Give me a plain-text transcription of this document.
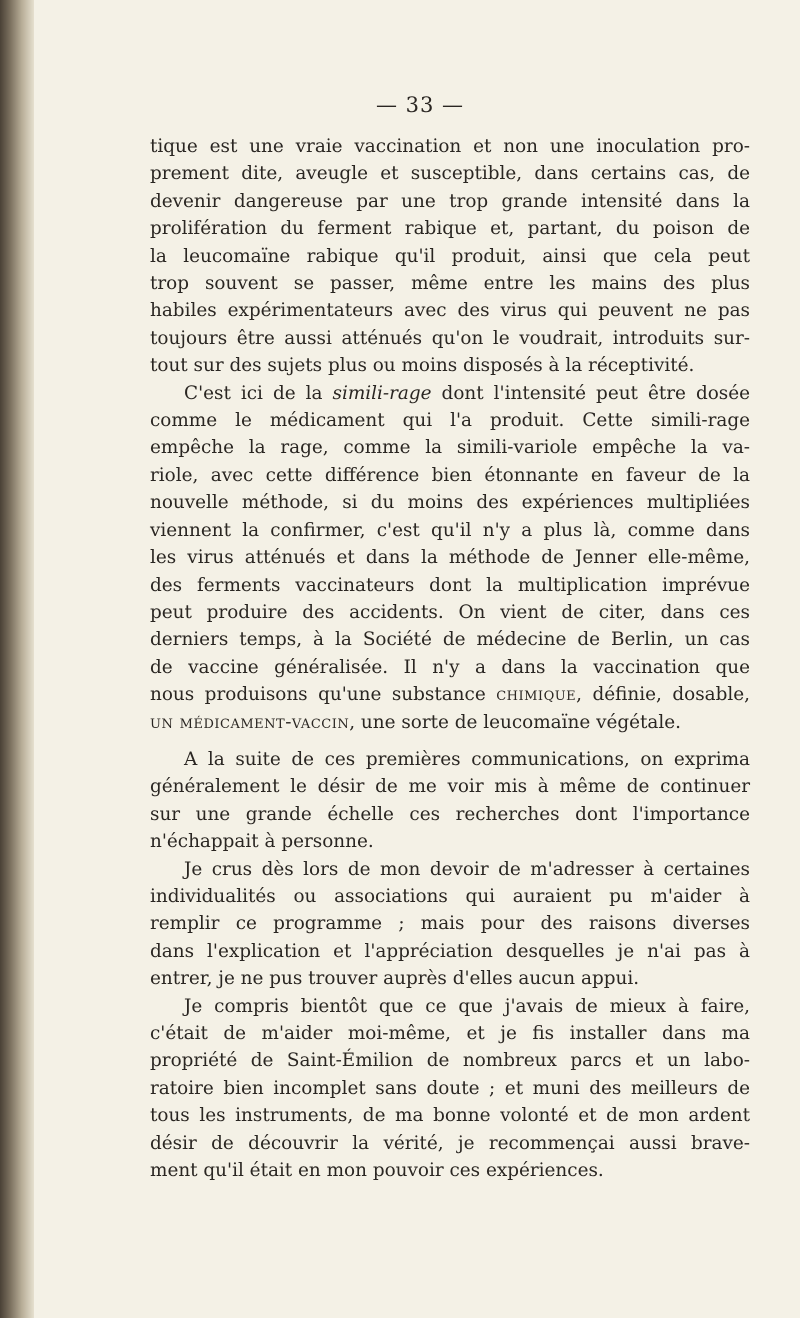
— 33 —

tique est une vraie vaccination et non une inoculation pro-
prement dite, aveugle et susceptible, dans certains cas, de
devenir dangereuse par une trop grande intensité dans la
prolifération du ferment rabique et, partant, du poison de
la leucomaïne rabique qu'il produit, ainsi que cela peut
trop souvent se passer, même entre les mains des plus
habiles expérimentateurs avec des virus qui peuvent ne pas
toujours être aussi atténués qu'on le voudrait, introduits sur-
tout sur des sujets plus ou moins disposés à la réceptivité.

C'est ici de la simili-rage dont l'intensité peut être dosée
comme le médicament qui l'a produit. Cette simili-rage
empêche la rage, comme la simili-variole empêche la va-
riole, avec cette différence bien étonnante en faveur de la
nouvelle méthode, si du moins des expériences multipliées
viennent la confirmer, c'est qu'il n'y a plus là, comme dans
les virus atténués et dans la méthode de Jenner elle-même,
des ferments vaccinateurs dont la multiplication imprévue
peut produire des accidents. On vient de citer, dans ces
derniers temps, à la Société de médecine de Berlin, un cas
de vaccine généralisée. Il n'y a dans la vaccination que
nous produisons qu'une substance chimique, définie, dosable,
un médicament-vaccin, une sorte de leucomaïne végétale.

A la suite de ces premières communications, on exprima
généralement le désir de me voir mis à même de continuer
sur une grande échelle ces recherches dont l'importance
n'échappait à personne.

Je crus dès lors de mon devoir de m'adresser à certaines
individualités ou associations qui auraient pu m'aider à
remplir ce programme ; mais pour des raisons diverses
dans l'explication et l'appréciation desquelles je n'ai pas à
entrer, je ne pus trouver auprès d'elles aucun appui.

Je compris bientôt que ce que j'avais de mieux à faire,
c'était de m'aider moi-même, et je fis installer dans ma
propriété de Saint-Émilion de nombreux parcs et un labo-
ratoire bien incomplet sans doute ; et muni des meilleurs de
tous les instruments, de ma bonne volonté et de mon ardent
désir de découvrir la vérité, je recommençai aussi brave-
ment qu'il était en mon pouvoir ces expériences.
